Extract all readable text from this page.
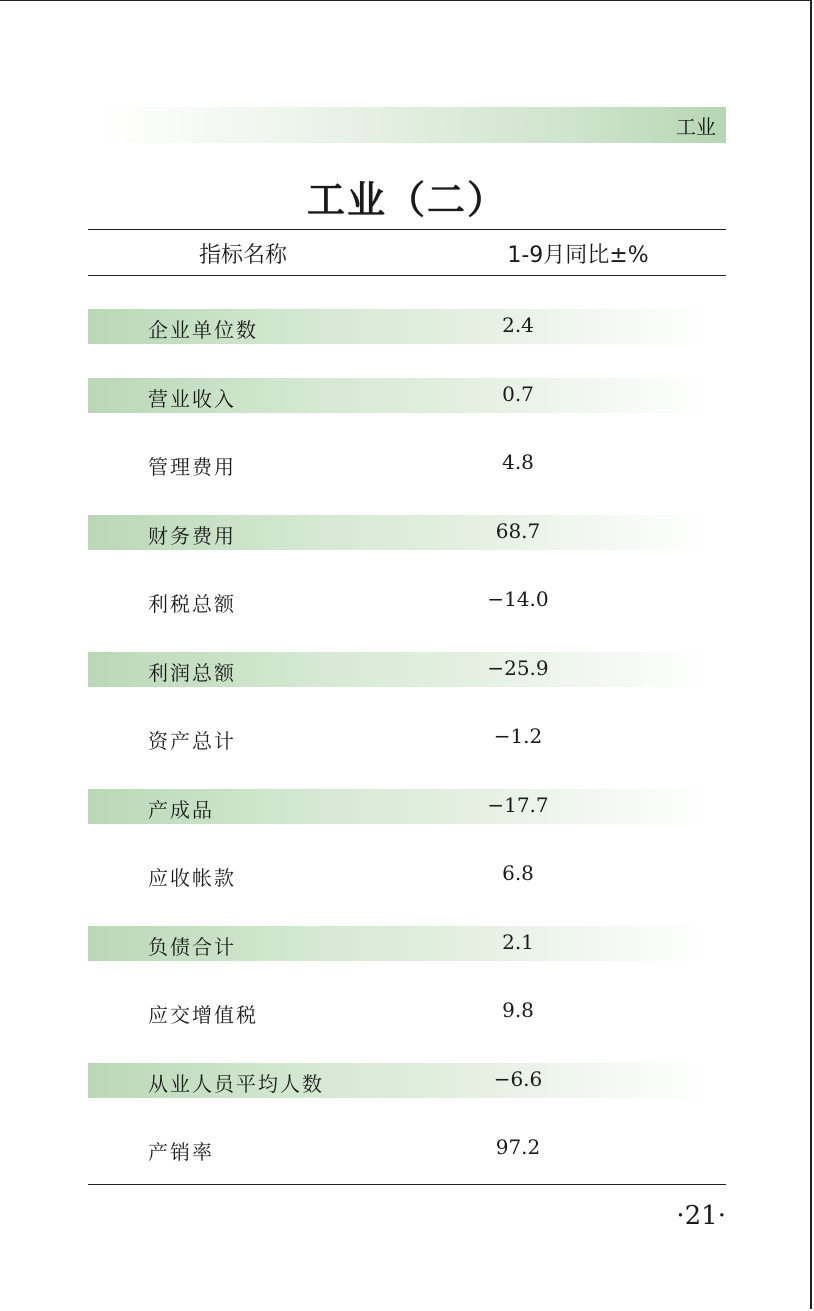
工业
工业（二）
指标名称	1-9月同比±%
企业单位数	2.4
营业收入	0.7
管理费用	4.8
财务费用	68.7
利税总额	−14.0
利润总额	−25.9
资产总计	−1.2
产成品	−17.7
应收帐款	6.8
负债合计	2.1
应交增值税	9.8
从业人员平均人数	−6.6
产销率	97.2
·21·
